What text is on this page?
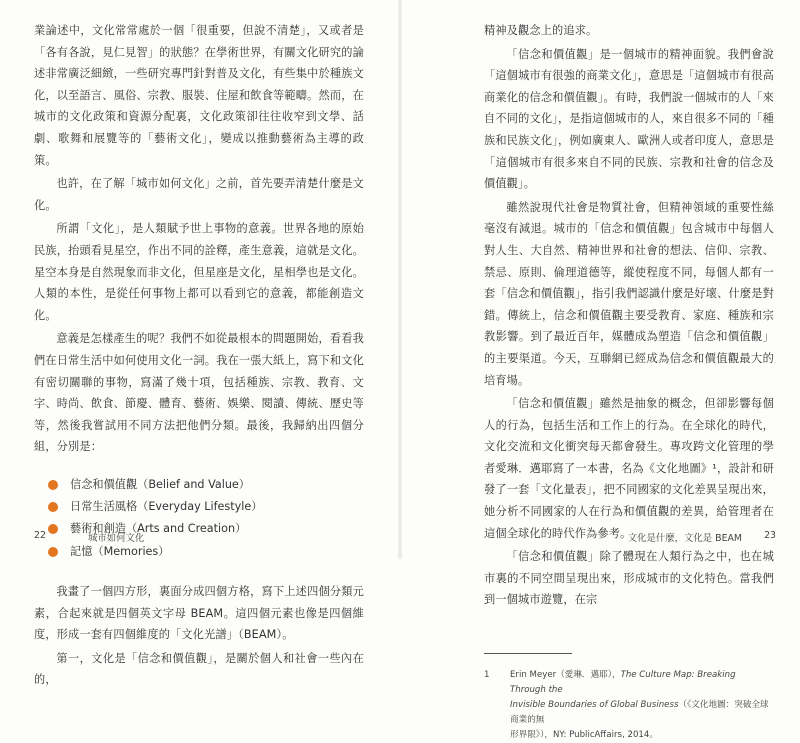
業論述中，文化常常處於一個「很重要，但說不清楚」，又或者是「各有各說，見仁見智」的狀態？在學術世界，有關文化研究的論述非常廣泛細緻，一些研究專門針對普及文化，有些集中於種族文化，以至語言、風俗、宗教、服裝、住屋和飲食等範疇。然而，在城市的文化政策和資源分配裏，文化政策卻往往收窄到文學、話劇、歌舞和展覽等的「藝術文化」，變成以推動藝術為主導的政策。

也許，在了解「城市如何文化」之前，首先要弄清楚什麼是文化。

所謂「文化」，是人類賦予世上事物的意義。世界各地的原始民族，抬頭看見星空，作出不同的詮釋，產生意義，這就是文化。星空本身是自然現象而非文化，但星座是文化，星相學也是文化。人類的本性，是從任何事物上都可以看到它的意義，都能創造文化。

意義是怎樣產生的呢？我們不如從最根本的問題開始，看看我們在日常生活中如何使用文化一詞。我在一張大紙上，寫下和文化有密切關聯的事物，寫滿了幾十項，包括種族、宗教、教育、文字、時尚、飲食、節慶、體育、藝術、娛樂、閱讀、傳統、歷史等等，然後我嘗試用不同方法把他們分類。最後，我歸納出四個分組，分別是：

信念和價值觀（Belief and Value）
日常生活風格（Everyday Lifestyle）
藝術和創造（Arts and Creation）
記憶（Memories）

我畫了一個四方形，裏面分成四個方格，寫下上述四個分類元素，合起來就是四個英文字母 BEAM。這四個元素也像是四個維度，形成一套有四個維度的「文化光譜」（BEAM）。

第一，文化是「信念和價值觀」，是關於個人和社會一些內在的，

22	城市如何文化

精神及觀念上的追求。

「信念和價值觀」是一個城市的精神面貌。我們會說「這個城市有很強的商業文化」，意思是「這個城市有很高商業化的信念和價值觀」。有時，我們說一個城市的人「來自不同的文化」，是指這個城市的人，來自很多不同的「種族和民族文化」，例如廣東人、歐洲人或者印度人，意思是「這個城市有很多來自不同的民族、宗教和社會的信念及價值觀」。

雖然說現代社會是物質社會，但精神領域的重要性絲毫沒有減退。城市的「信念和價值觀」包含城市中每個人對人生、大自然、精神世界和社會的想法、信仰、宗教、禁忌、原則、倫理道德等，縱使程度不同，每個人都有一套「信念和價值觀」，指引我們認識什麼是好壞、什麼是對錯。傳統上，信念和價值觀主要受教育、家庭、種族和宗教影響。到了最近百年，媒體成為塑造「信念和價值觀」的主要渠道。今天，互聯網已經成為信念和價值觀最大的培育場。

「信念和價值觀」雖然是抽象的概念，但卻影響每個人的行為，包括生活和工作上的行為。在全球化的時代，文化交流和文化衝突每天都會發生。專攻跨文化管理的學者愛琳．邁耶寫了一本書，名為《文化地圖》¹，設計和研發了一套「文化量表」，把不同國家的文化差異呈現出來，她分析不同國家的人在行為和價值觀的差異，給管理者在這個全球化的時代作為參考。

「信念和價值觀」除了體現在人類行為之中，也在城市裏的不同空間呈現出來，形成城市的文化特色。當我們到一個城市遊覽，在宗

1	Erin Meyer（愛琳．邁耶），The Culture Map: Breaking Through the
Invisible Boundaries of Global Business（《文化地圖：突破全球商業的無
形界限》），NY: PublicAffairs, 2014。
文化是什麼，文化是 BEAM 23
